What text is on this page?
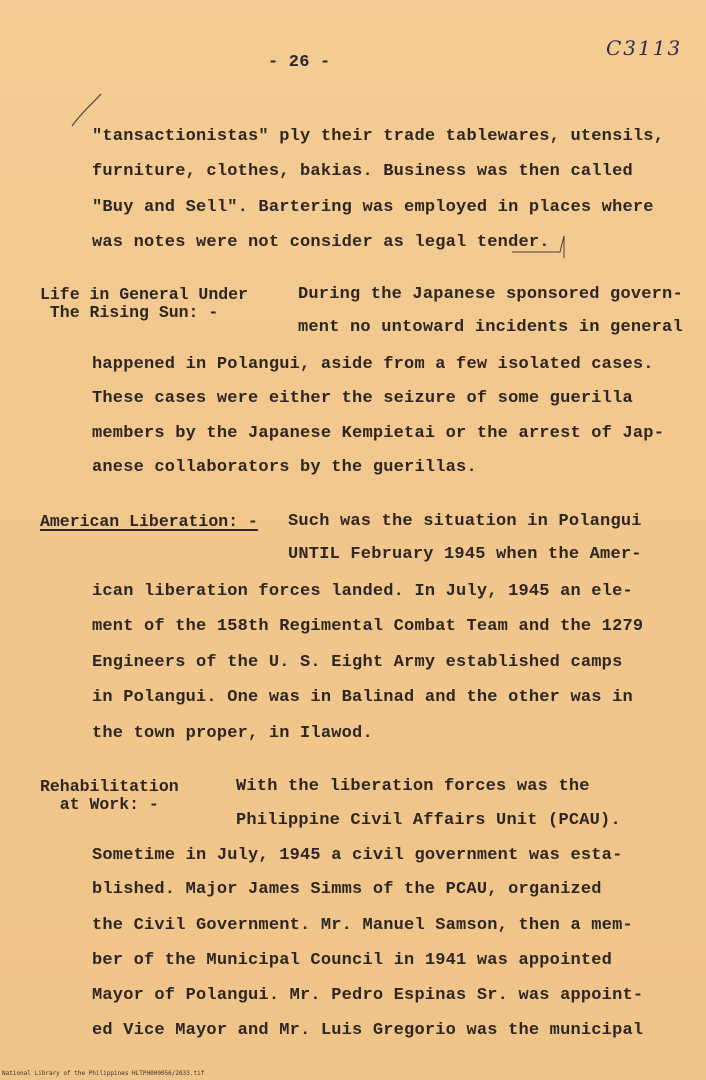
C3113
- 26 -
"tansactionistas" ply their trade tablewares, utensils,
furniture, clothes, bakias. Business was then called
"Buy and Sell". Bartering was employed in places where
was notes were not consider as legal tender.
Life in General Under
The Rising Sun: -
During the Japanese sponsored govern-
ment no untoward incidents in general
happened in Polangui, aside from a few isolated cases.
These cases were either the seizure of some guerilla
members by the Japanese Kempietai or the arrest of Jap-
anese collaborators by the guerillas.
American Liberation: - Such was the situation in Polangui
UNTIL February 1945 when the Amer-
ican liberation forces landed. In July, 1945 an ele-
ment of the 158th Regimental Combat Team and the 1279
Engineers of the U. S. Eight Army established camps
in Polangui. One was in Balinad and the other was in
the town proper, in Ilawod.
Rehabilitation
at Work: -
With the liberation forces was the
Philippine Civil Affairs Unit (PCAU).
Sometime in July, 1945 a civil government was esta-
blished. Major James Simms of the PCAU, organized
the Civil Government. Mr. Manuel Samson, then a mem-
ber of the Municipal Council in 1941 was appointed
Mayor of Polangui. Mr. Pedro Espinas Sr. was appoint-
ed Vice Mayor and Mr. Luis Gregorio was the municipal
National Library of the Philippines HLTPH000056/2033.tif
